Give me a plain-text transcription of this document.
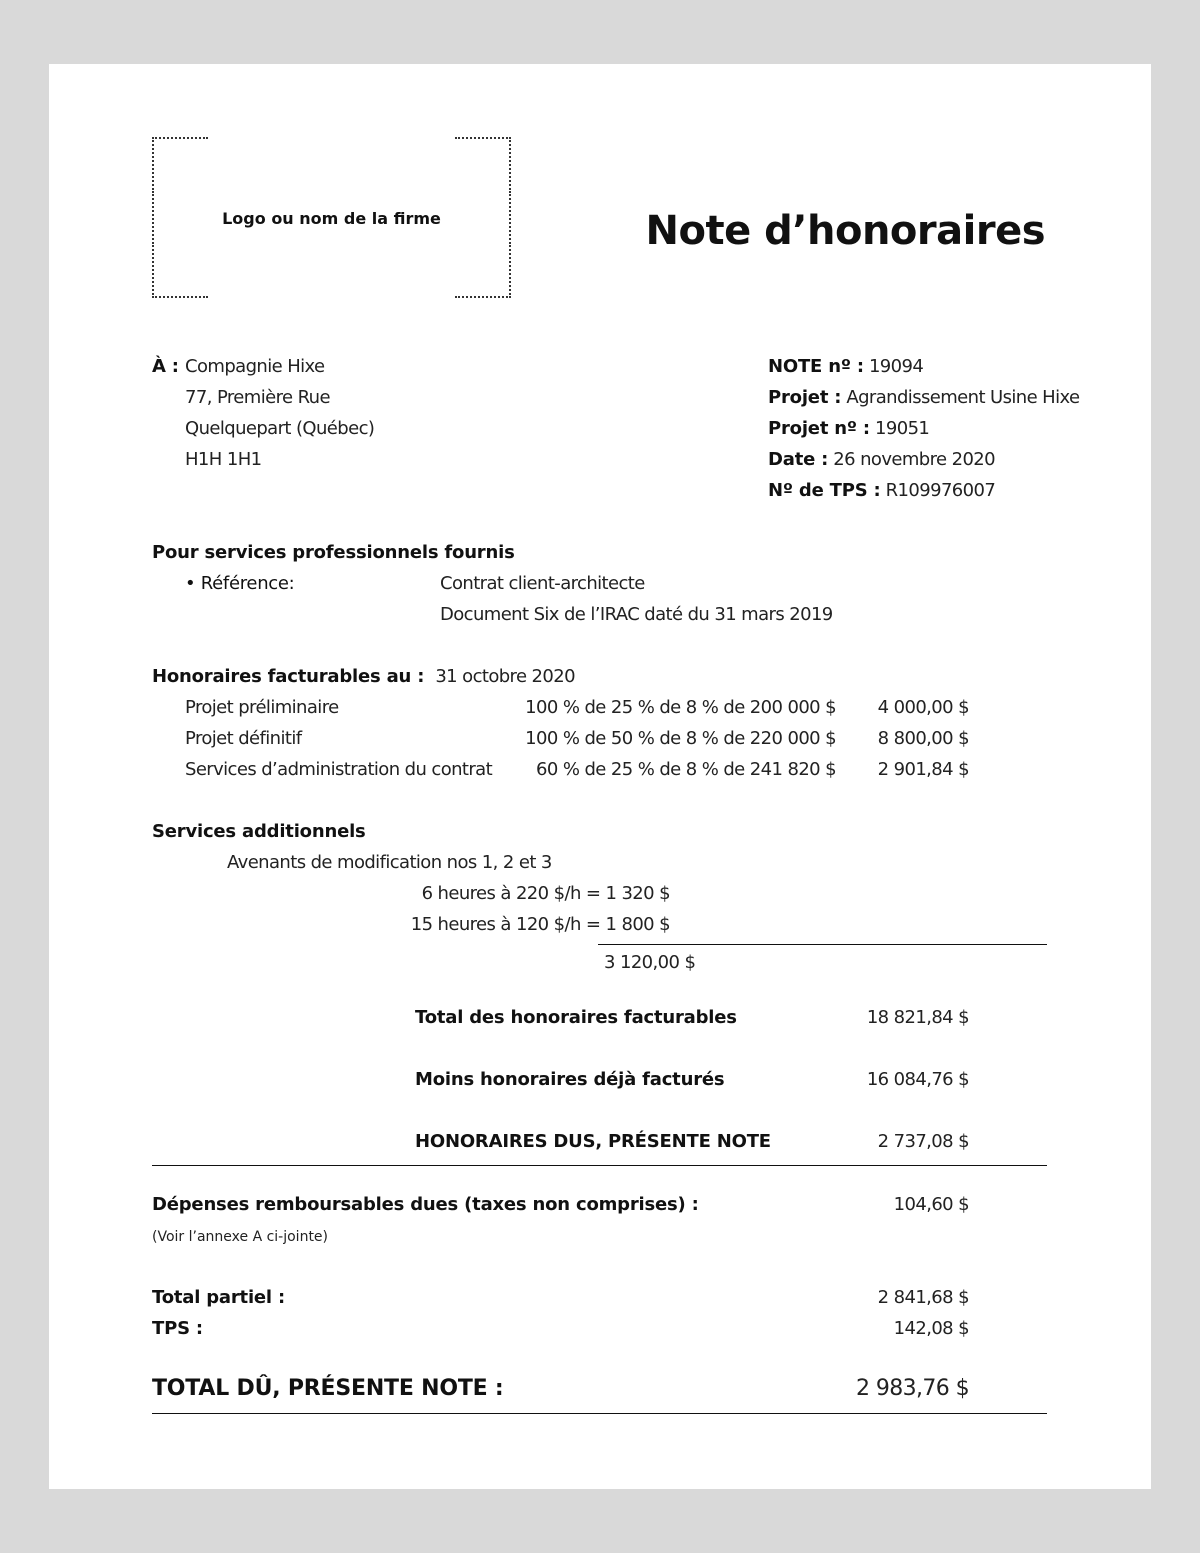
Logo ou nom de la firme	Note d’honoraires
À : Compagnie Hixe
77, Première Rue
Quelquepart (Québec)
H1H 1H1
NOTE nº : 19094
Projet : Agrandissement Usine Hixe
Projet nº : 19051
Date : 26 novembre 2020
Nº de TPS : R109976007
Pour services professionnels fournis
• Référence:	Contrat client-architecte
Document Six de l’IRAC daté du 31 mars 2019
Honoraires facturables au : 31 octobre 2020
Projet préliminaire	100 % de 25 % de 8 % de 200 000 $	4 000,00 $
Projet définitif	100 % de 50 % de 8 % de 220 000 $	8 800,00 $
Services d’administration du contrat	60 % de 25 % de 8 % de 241 820 $	2 901,84 $
Services additionnels
Avenants de modification nos 1, 2 et 3
6 heures à 220 $/h = 1 320 $
15 heures à 120 $/h = 1 800 $
3 120,00 $
Total des honoraires facturables	18 821,84 $
Moins honoraires déjà facturés	16 084,76 $
HONORAIRES DUS, PRÉSENTE NOTE	2 737,08 $
Dépenses remboursables dues (taxes non comprises) :	104,60 $
(Voir l’annexe A ci-jointe)
Total partiel :	2 841,68 $
TPS :	142,08 $
TOTAL DÛ, PRÉSENTE NOTE :	2 983,76 $
